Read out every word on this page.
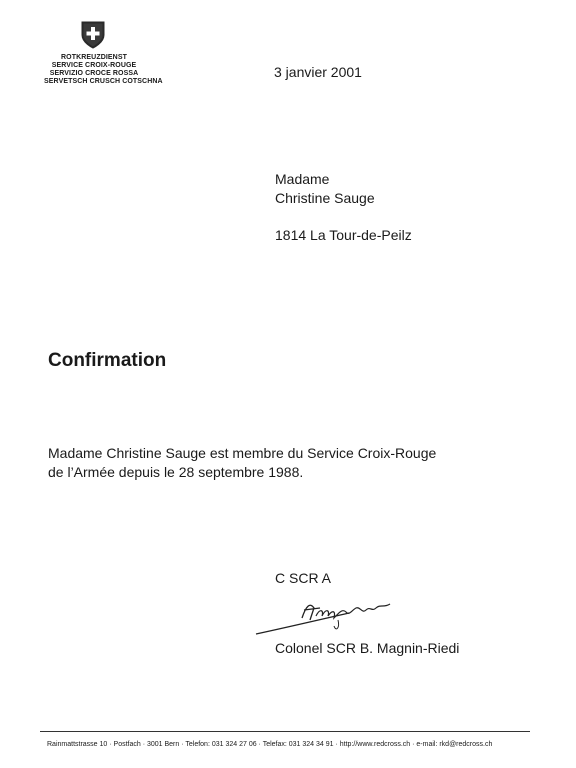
ROTKREUZDIENST
SERVICE CROIX-ROUGE
SERVIZIO CROCE ROSSA
SERVETSCH CRUSCH COTSCHNA
3 janvier 2001
Madame
Christine Sauge
1814 La Tour-de-Peilz
Confirmation
Madame Christine Sauge est membre du Service Croix-Rouge
de l’Armée depuis le 28 septembre 1988.
C SCR A
Colonel SCR B. Magnin-Riedi
Rainmattstrasse 10 · Postfach · 3001 Bern · Telefon: 031 324 27 06 · Telefax: 031 324 34 91 · http://www.redcross.ch · e-mail: rkd@redcross.ch
